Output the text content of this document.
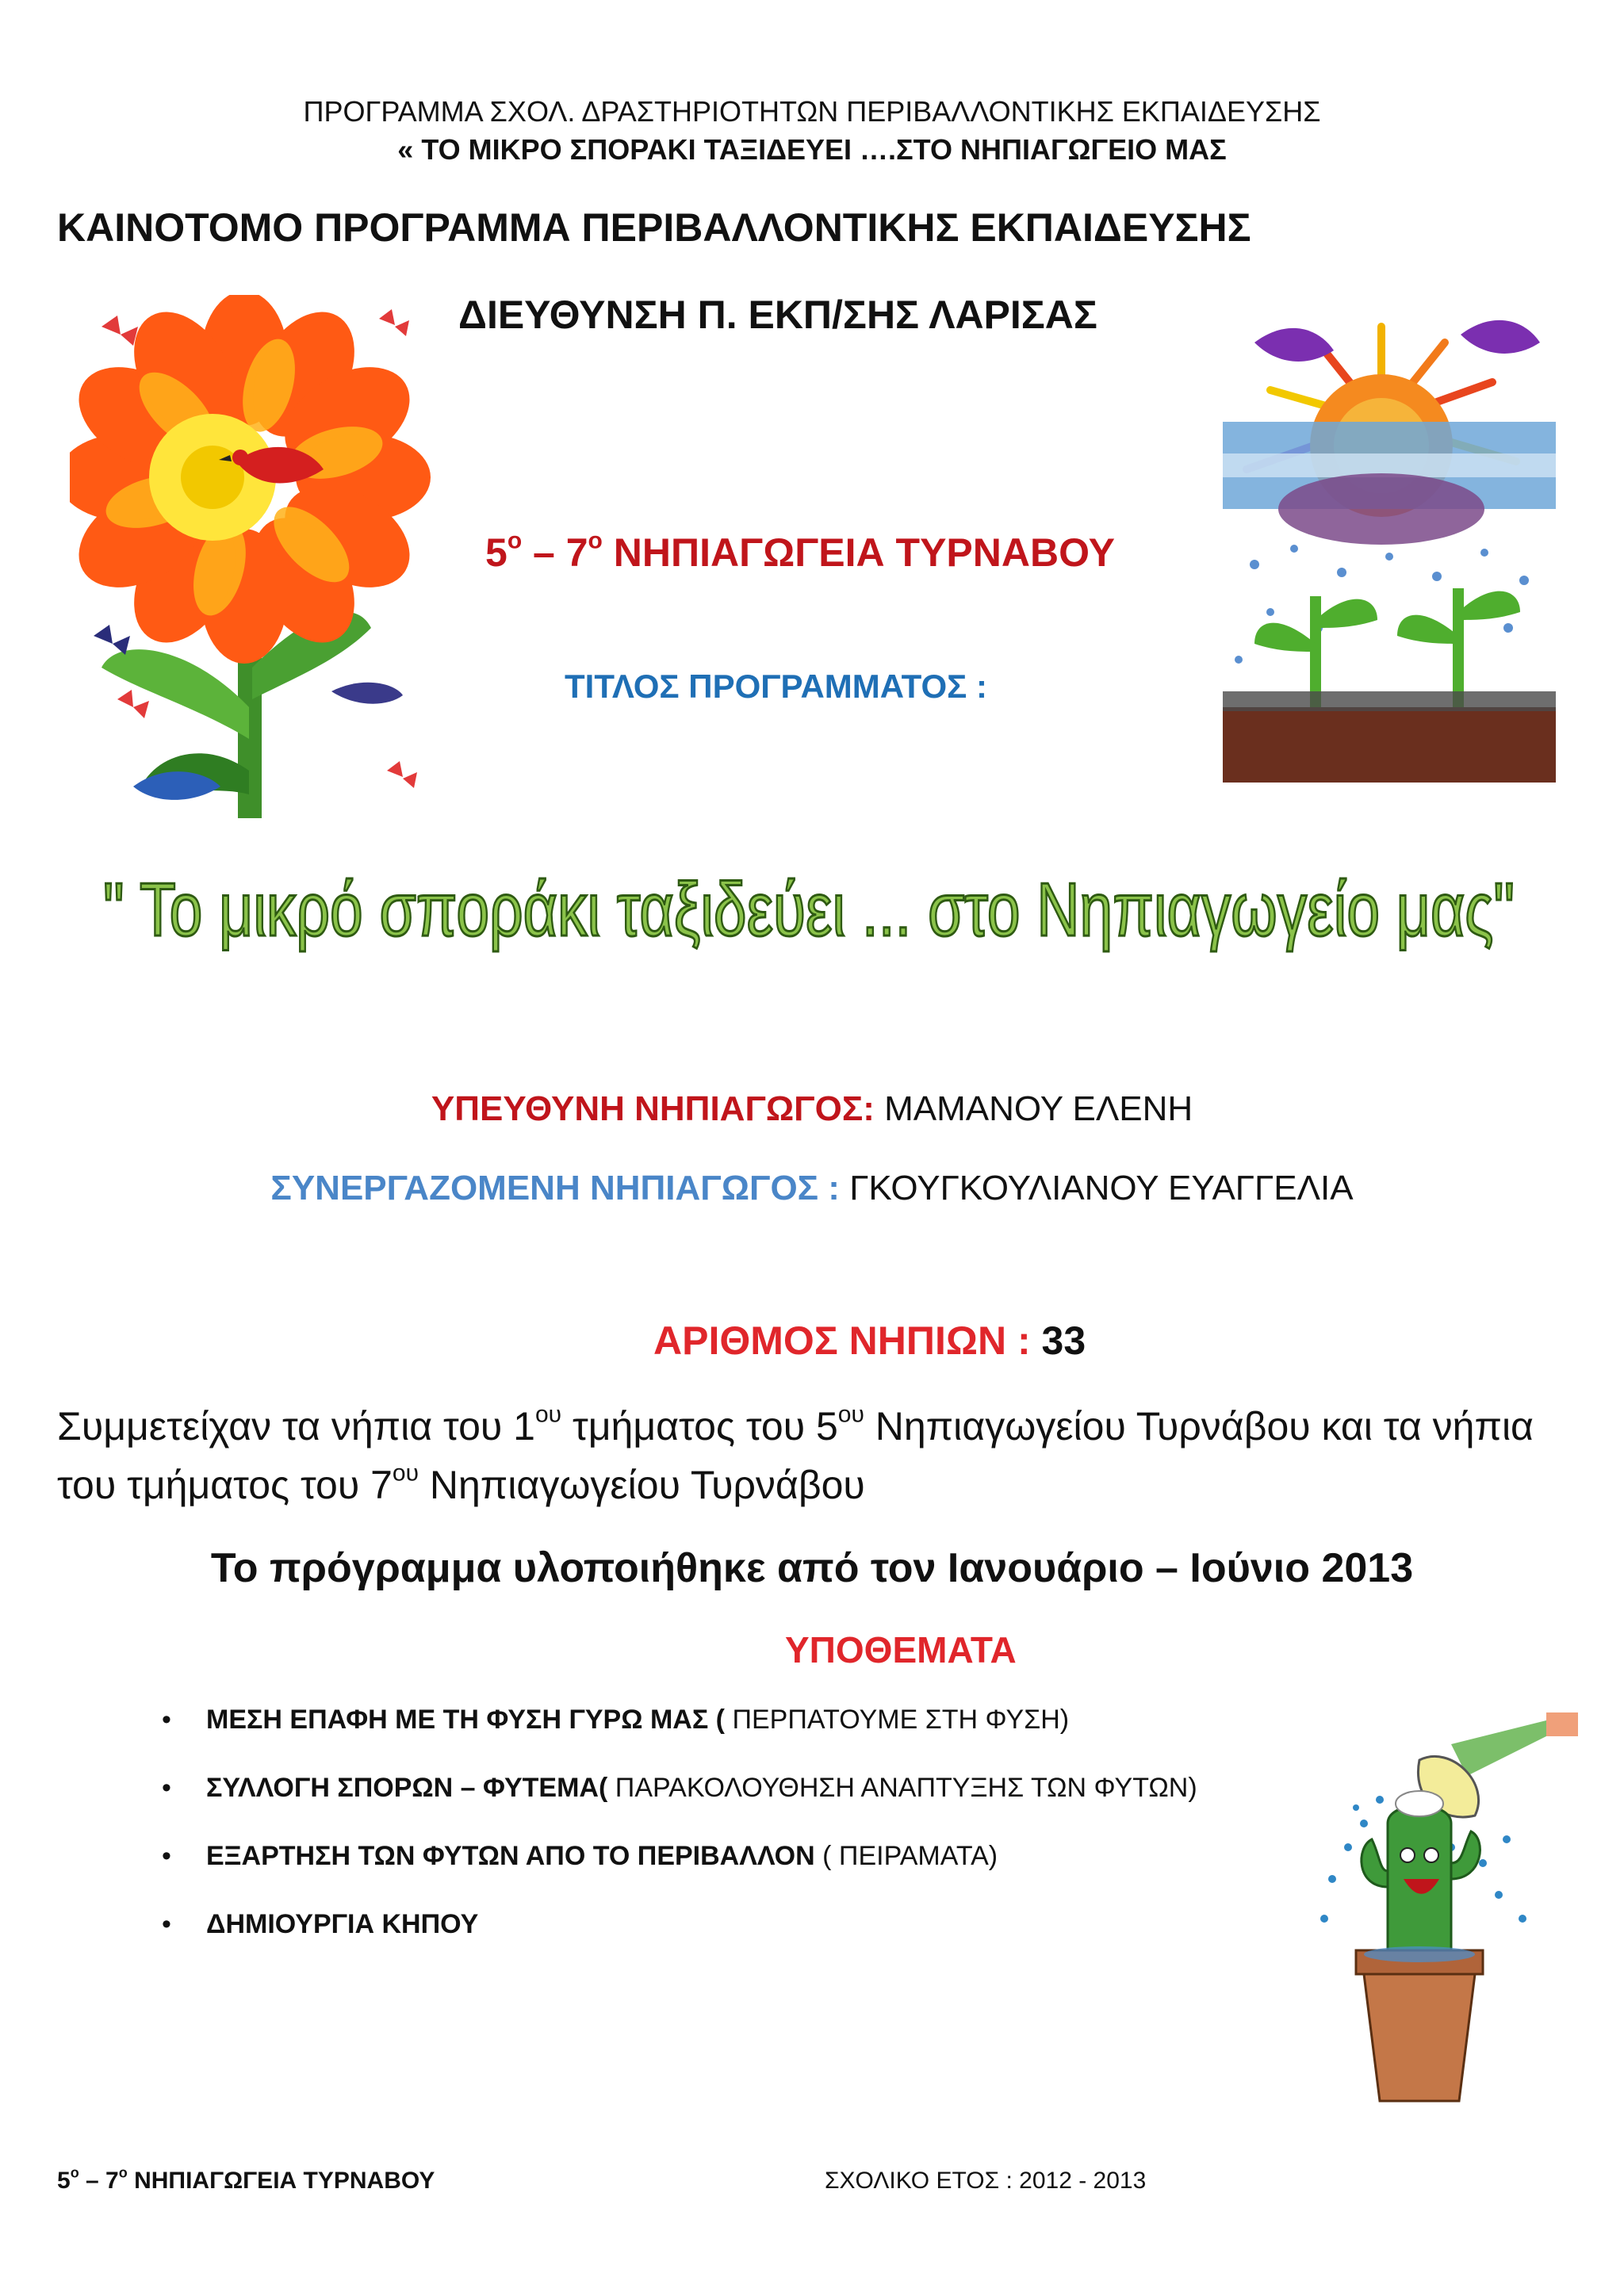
ΠΡΟΓΡΑΜΜΑ ΣΧΟΛ. ΔΡΑΣΤΗΡΙΟΤΗΤΩΝ ΠΕΡΙΒΑΛΛΟΝΤΙΚΗΣ ΕΚΠΑΙΔΕΥΣΗΣ
« ΤΟ ΜΙΚΡΟ ΣΠΟΡΑΚΙ ΤΑΞΙΔΕΥΕΙ ….ΣΤΟ ΝΗΠΙΑΓΩΓΕΙΟ ΜΑΣ
ΚΑΙΝΟΤΟΜΟ ΠΡΟΓΡΑΜΜΑ ΠΕΡΙΒΑΛΛΟΝΤΙΚΗΣ ΕΚΠΑΙΔΕΥΣΗΣ
ΔΙΕΥΘΥΝΣΗ Π. ΕΚΠ/ΣΗΣ ΛΑΡΙΣΑΣ
$5^o - 7^o$ ΝΗΠΙΑΓΩΓΕΙΑ ΤΥΡΝΑΒΟΥ
ΤΙΤΛΟΣ ΠΡΟΓΡΑΜΜΑΤΟΣ :
" Το μικρό σποράκι ταξιδεύει ... στο Νηπιαγωγείο μας"
ΥΠΕΥΘΥΝΗ ΝΗΠΙΑΓΩΓΟΣ: ΜΑΜΑΝΟΥ ΕΛΕΝΗ
ΣΥΝΕΡΓΑΖΟΜΕΝΗ ΝΗΠΙΑΓΩΓΟΣ : ΓΚΟΥΓΚΟΥΛΙΑΝΟΥ ΕΥΑΓΓΕΛΙΑ
ΑΡΙΘΜΟΣ ΝΗΠΙΩΝ : 33
Συμμετείχαν τα νήπια του $1^{o\upsilon}$ τμήματος του $5^{o\upsilon}$ Νηπιαγωγείου Τυρνάβου και τα νήπια του τμήματος του $7^{o\upsilon}$ Νηπιαγωγείου Τυρνάβου
Το πρόγραμμα υλοποιήθηκε από τον Ιανουάριο – Ιούνιο 2013
ΥΠΟΘΕΜΑΤΑ
• ΜΕΣΗ ΕΠΑΦΗ ΜΕ ΤΗ ΦΥΣΗ ΓΥΡΩ ΜΑΣ ( ΠΕΡΠΑΤΟΥΜΕ ΣΤΗ ΦΥΣΗ)
• ΣΥΛΛΟΓΗ ΣΠΟΡΩΝ – ΦΥΤΕΜΑ( ΠΑΡΑΚΟΛΟΥΘΗΣΗ ΑΝΑΠΤΥΞΗΣ ΤΩΝ ΦΥΤΩΝ)
• ΕΞΑΡΤΗΣΗ ΤΩΝ ΦΥΤΩΝ ΑΠΟ ΤΟ ΠΕΡΙΒΑΛΛΟΝ ( ΠΕΙΡΑΜΑΤΑ)
• ΔΗΜΙΟΥΡΓΙΑ ΚΗΠΟΥ
$5^o - 7^o$ ΝΗΠΙΑΓΩΓΕΙΑ ΤΥΡΝΑΒΟΥ	ΣΧΟΛΙΚΟ ΕΤΟΣ : 2012 - 2013
